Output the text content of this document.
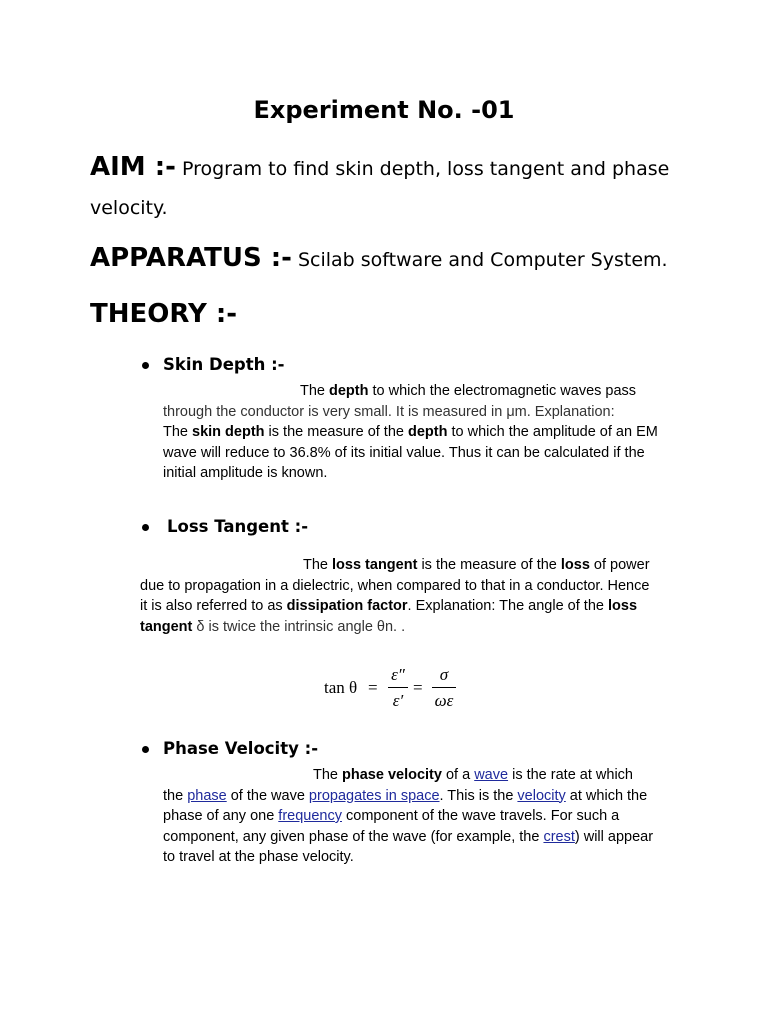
Experiment No. -01
AIM :- Program to find skin depth, loss tangent and phase
velocity.
APPARATUS :- Scilab software and Computer System.
THEORY :-
Skin Depth :-
The depth to which the electromagnetic waves pass
through the conductor is very small. It is measured in μm. Explanation:
The skin depth is the measure of the depth to which the amplitude of an EM
wave will reduce to 36.8% of its initial value. Thus it can be calculated if the
initial amplitude is known.
Loss Tangent :-
The loss tangent is the measure of the loss of power
due to propagation in a dielectric, when compared to that in a conductor. Hence
it is also referred to as dissipation factor. Explanation: The angle of the loss
tangent δ is twice the intrinsic angle θn. .
tan θ =
ε″
ε′
=
σ
ωε
Phase Velocity :-
The phase velocity of a wave is the rate at which
the phase of the wave propagates in space. This is the velocity at which the
phase of any one frequency component of the wave travels. For such a
component, any given phase of the wave (for example, the crest) will appear
to travel at the phase velocity.
